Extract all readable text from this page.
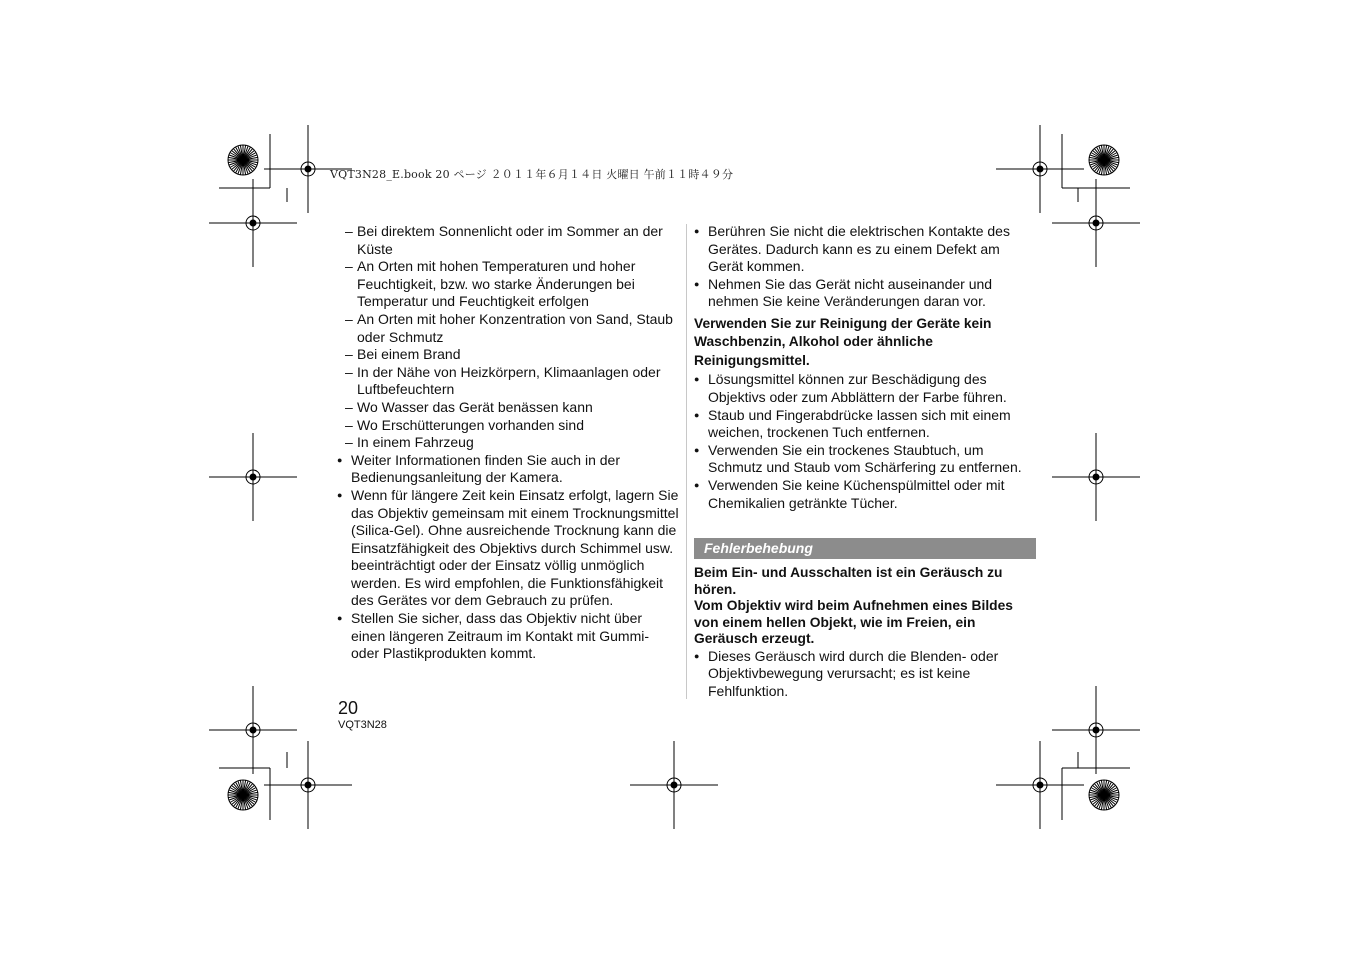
VQT3N28_E.book 20 ページ ２０１１年６月１４日 火曜日 午前１１時４９分

– Bei direktem Sonnenlicht oder im Sommer an der Küste

– An Orten mit hohen Temperaturen und hoher Feuchtigkeit, bzw. wo starke Änderungen bei Temperatur und Feuchtigkeit erfolgen

– An Orten mit hoher Konzentration von Sand, Staub oder Schmutz

– Bei einem Brand

– In der Nähe von Heizkörpern, Klimaanlagen oder Luftbefeuchtern

– Wo Wasser das Gerät benässen kann

– Wo Erschütterungen vorhanden sind

– In einem Fahrzeug

● Weiter Informationen finden Sie auch in der Bedienungsanleitung der Kamera.

● Wenn für längere Zeit kein Einsatz erfolgt, lagern Sie das Objektiv gemeinsam mit einem Trocknungsmittel (Silica-Gel). Ohne ausreichende Trocknung kann die Einsatzfähigkeit des Objektivs durch Schimmel usw. beeinträchtigt oder der Einsatz völlig unmöglich werden. Es wird empfohlen, die Funktionsfähigkeit des Gerätes vor dem Gebrauch zu prüfen.

● Stellen Sie sicher, dass das Objektiv nicht über einen längeren Zeitraum im Kontakt mit Gummi- oder Plastikprodukten kommt.

● Berühren Sie nicht die elektrischen Kontakte des Gerätes. Dadurch kann es zu einem Defekt am Gerät kommen.

● Nehmen Sie das Gerät nicht auseinander und nehmen Sie keine Veränderungen daran vor.

Verwenden Sie zur Reinigung der Geräte kein Waschbenzin, Alkohol oder ähnliche Reinigungsmittel.

● Lösungsmittel können zur Beschädigung des Objektivs oder zum Abblättern der Farbe führen.

● Staub und Fingerabdrücke lassen sich mit einem weichen, trockenen Tuch entfernen.

● Verwenden Sie ein trockenes Staubtuch, um Schmutz und Staub vom Schärfering zu entfernen.

● Verwenden Sie keine Küchenspülmittel oder mit Chemikalien getränkte Tücher.

Fehlerbehebung

Beim Ein- und Ausschalten ist ein Geräusch zu hören.

Vom Objektiv wird beim Aufnehmen eines Bildes von einem hellen Objekt, wie im Freien, ein Geräusch erzeugt.

● Dieses Geräusch wird durch die Blenden- oder Objektivbewegung verursacht; es ist keine Fehlfunktion.

20
VQT3N28
